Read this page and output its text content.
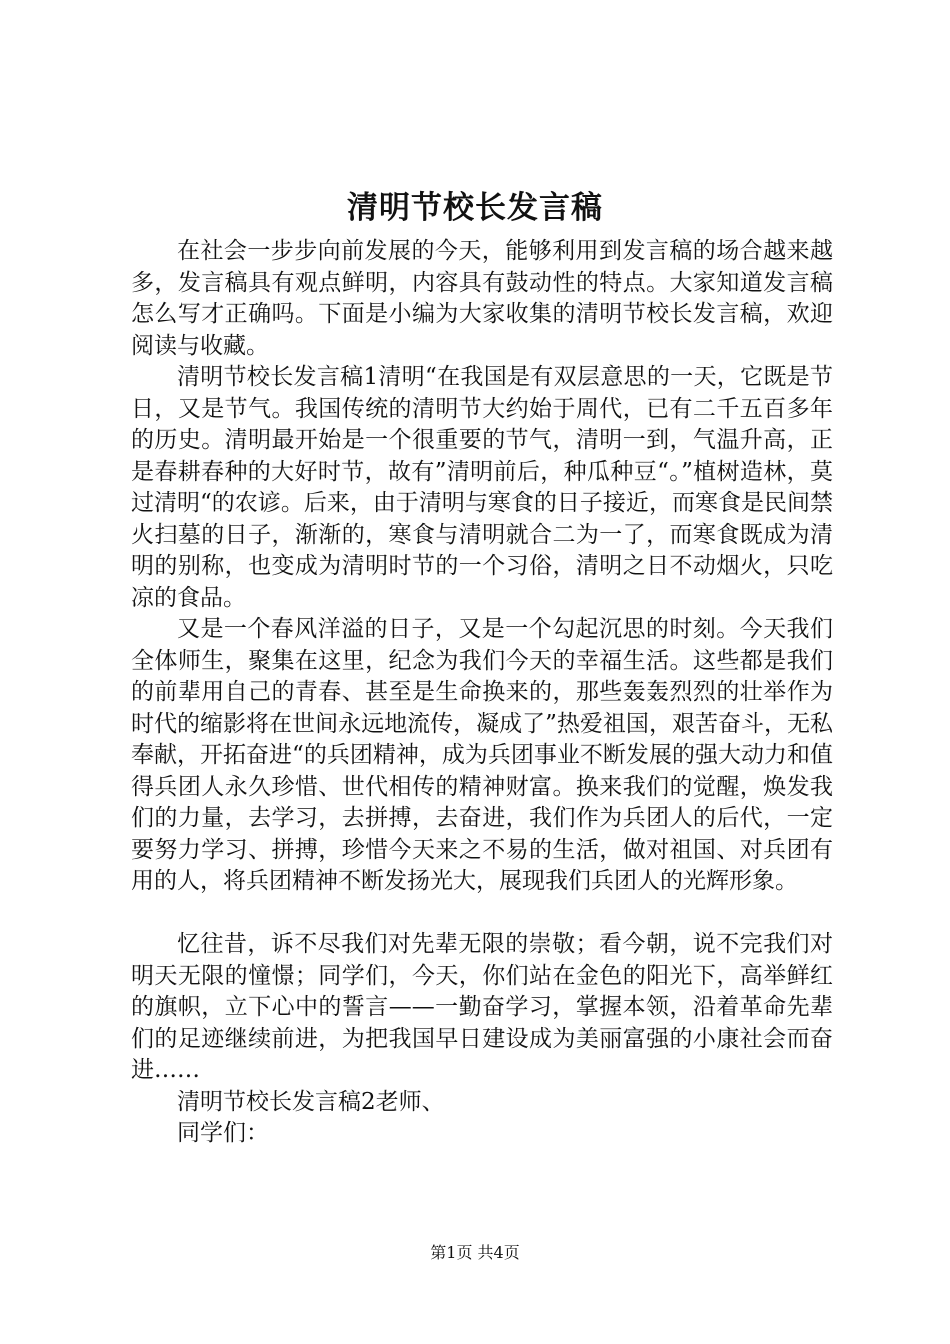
清明节校长发言稿

在社会一步步向前发展的今天，能够利用到发言稿的场合越来越多，发言稿具有观点鲜明，内容具有鼓动性的特点。大家知道发言稿怎么写才正确吗。下面是小编为大家收集的清明节校长发言稿，欢迎阅读与收藏。

清明节校长发言稿1清明“在我国是有双层意思的一天，它既是节日，又是节气。我国传统的清明节大约始于周代，已有二千五百多年的历史。清明最开始是一个很重要的节气，清明一到，气温升高，正是春耕春种的大好时节，故有”清明前后，种瓜种豆“。”植树造林，莫过清明“的农谚。后来，由于清明与寒食的日子接近，而寒食是民间禁火扫墓的日子，渐渐的，寒食与清明就合二为一了，而寒食既成为清明的别称，也变成为清明时节的一个习俗，清明之日不动烟火，只吃凉的食品。

又是一个春风洋溢的日子，又是一个勾起沉思的时刻。今天我们全体师生，聚集在这里，纪念为我们今天的幸福生活。这些都是我们的前辈用自己的青春、甚至是生命换来的，那些轰轰烈烈的壮举作为时代的缩影将在世间永远地流传，凝成了”热爱祖国，艰苦奋斗，无私奉献，开拓奋进“的兵团精神，成为兵团事业不断发展的强大动力和值得兵团人永久珍惜、世代相传的精神财富。换来我们的觉醒，焕发我们的力量，去学习，去拼搏，去奋进，我们作为兵团人的后代，一定要努力学习、拼搏，珍惜今天来之不易的生活，做对祖国、对兵团有用的人，将兵团精神不断发扬光大，展现我们兵团人的光辉形象。

忆往昔，诉不尽我们对先辈无限的崇敬；看今朝，说不完我们对明天无限的憧憬；同学们，今天，你们站在金色的阳光下，高举鲜红的旗帜，立下心中的誓言——一勤奋学习，掌握本领，沿着革命先辈们的足迹继续前进，为把我国早日建设成为美丽富强的小康社会而奋进……

清明节校长发言稿2老师、

同学们：

第1页 共4页
